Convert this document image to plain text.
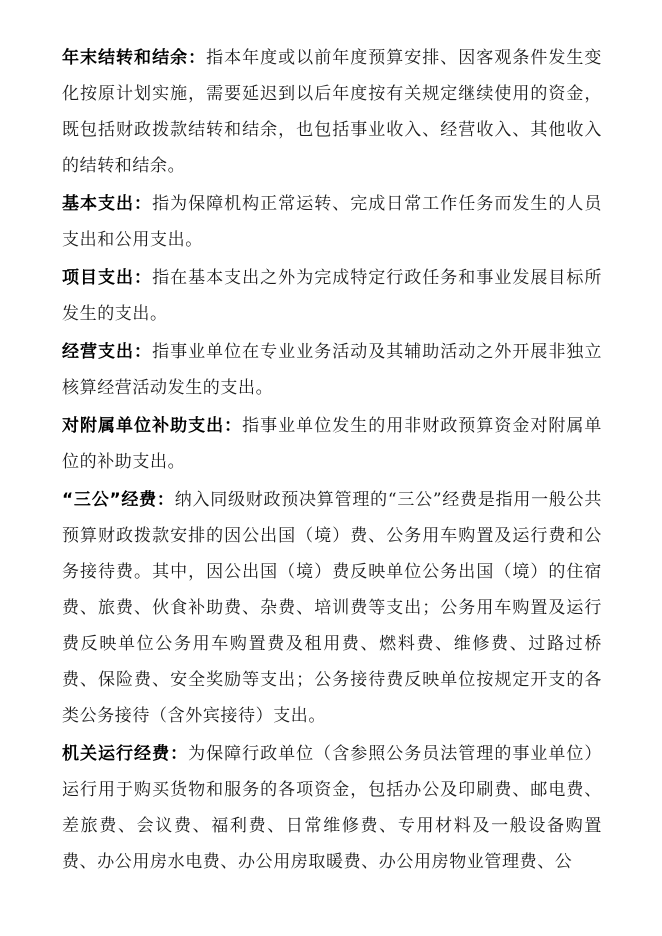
年末结转和结余：指本年度或以前年度预算安排、因客观条件发生变化按原计划实施，需要延迟到以后年度按有关规定继续使用的资金，既包括财政拨款结转和结余，也包括事业收入、经营收入、其他收入的结转和结余。

基本支出：指为保障机构正常运转、完成日常工作任务而发生的人员支出和公用支出。

项目支出：指在基本支出之外为完成特定行政任务和事业发展目标所发生的支出。

经营支出：指事业单位在专业业务活动及其辅助活动之外开展非独立核算经营活动发生的支出。

对附属单位补助支出：指事业单位发生的用非财政预算资金对附属单位的补助支出。

“三公”经费：纳入同级财政预决算管理的“三公”经费是指用一般公共预算财政拨款安排的因公出国（境）费、公务用车购置及运行费和公务接待费。其中，因公出国（境）费反映单位公务出国（境）的住宿费、旅费、伙食补助费、杂费、培训费等支出；公务用车购置及运行费反映单位公务用车购置费及租用费、燃料费、维修费、过路过桥费、保险费、安全奖励等支出；公务接待费反映单位按规定开支的各类公务接待（含外宾接待）支出。

机关运行经费：为保障行政单位（含参照公务员法管理的事业单位）运行用于购买货物和服务的各项资金，包括办公及印刷费、邮电费、差旅费、会议费、福利费、日常维修费、专用材料及一般设备购置费、办公用房水电费、办公用房取暖费、办公用房物业管理费、公
